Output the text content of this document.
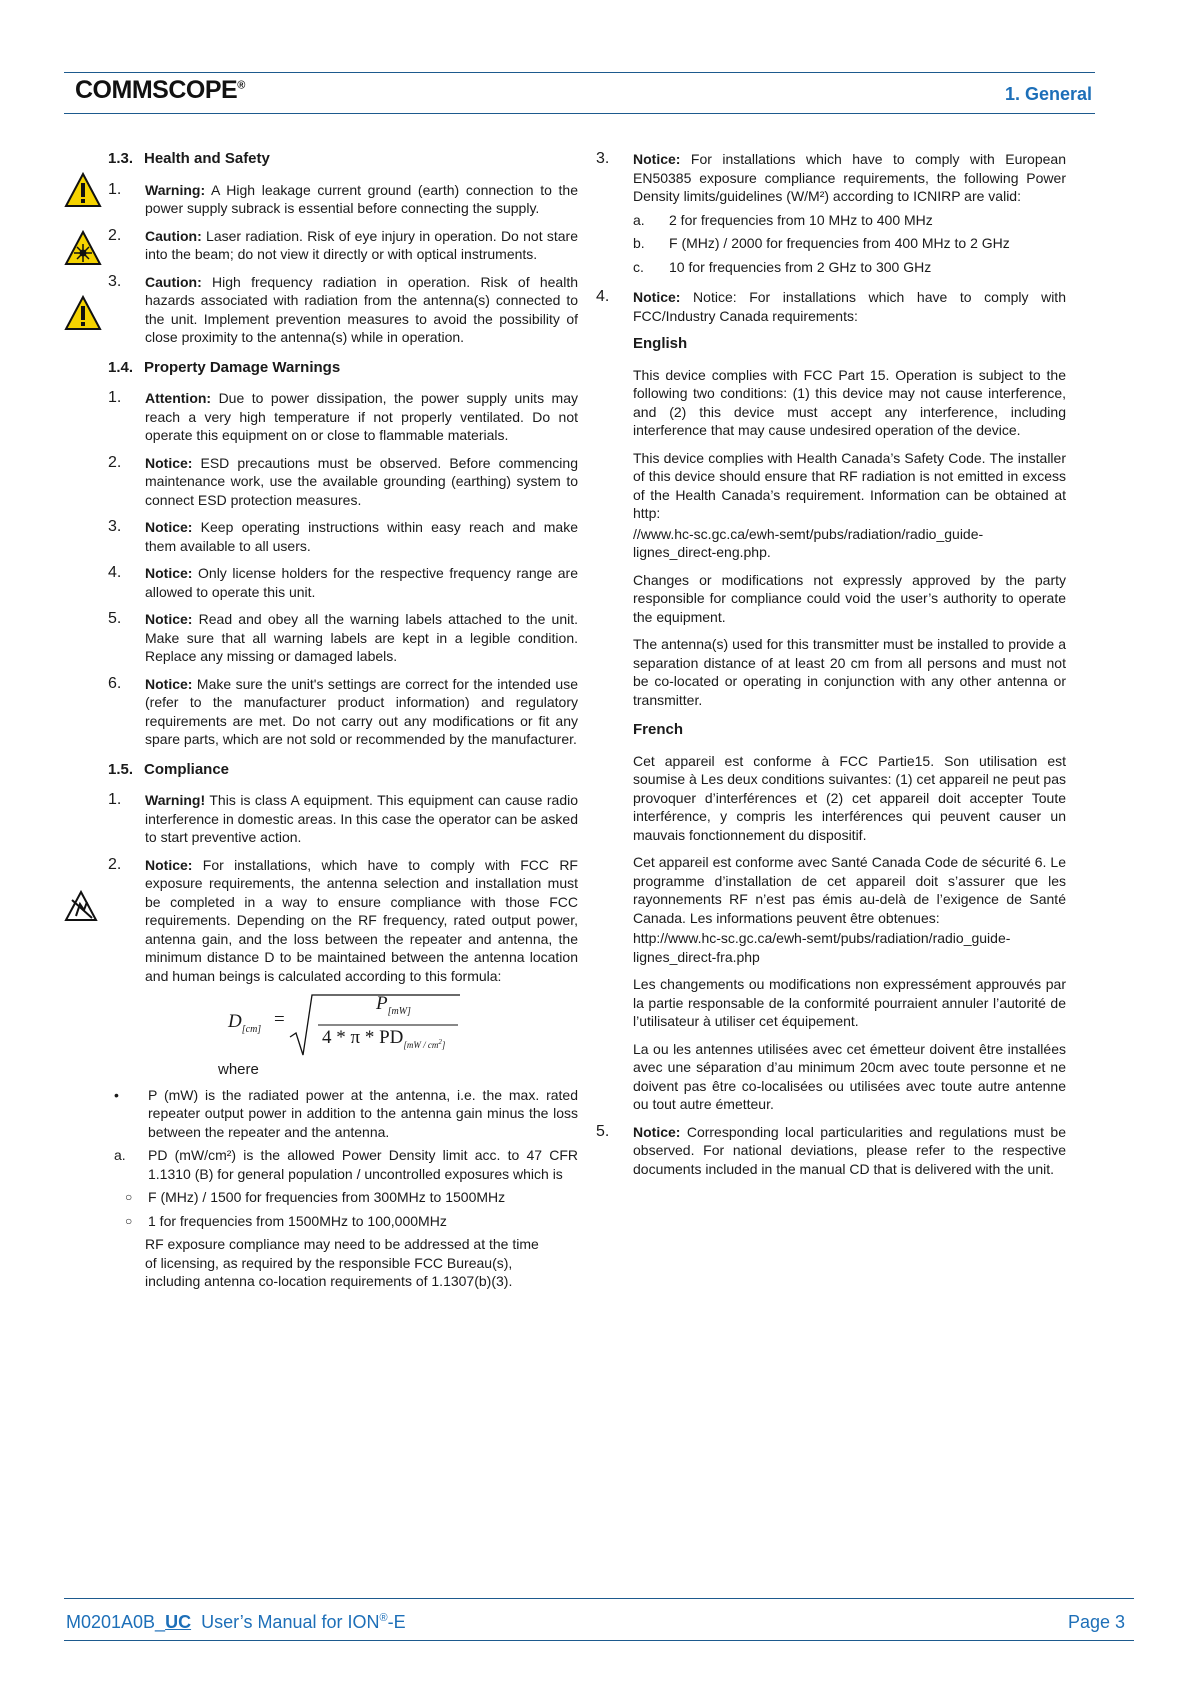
COMMSCOPE®	1. General
1.3. Health and Safety
1. Warning: A High leakage current ground (earth) connection to the power supply subrack is essential before connecting the supply.
2. Caution: Laser radiation. Risk of eye injury in operation. Do not stare into the beam; do not view it directly or with optical instruments.
3. Caution: High frequency radiation in operation. Risk of health hazards associated with radiation from the antenna(s) connected to the unit. Implement prevention measures to avoid the possibility of close proximity to the antenna(s) while in operation.
1.4. Property Damage Warnings
1. Attention: Due to power dissipation, the power supply units may reach a very high temperature if not properly ventilated. Do not operate this equipment on or close to flammable materials.
2. Notice: ESD precautions must be observed. Before commencing maintenance work, use the available grounding (earthing) system to connect ESD protection measures.
3. Notice: Keep operating instructions within easy reach and make them available to all users.
4. Notice: Only license holders for the respective frequency range are allowed to operate this unit.
5. Notice: Read and obey all the warning labels attached to the unit. Make sure that all warning labels are kept in a legible condition. Replace any missing or damaged labels.
6. Notice: Make sure the unit's settings are correct for the intended use (refer to the manufacturer product information) and regulatory requirements are met. Do not carry out any modifications or fit any spare parts, which are not sold or recommended by the manufacturer.
1.5. Compliance
1. Warning! This is class A equipment. This equipment can cause radio interference in domestic areas. In this case the operator can be asked to start preventive action.
2. Notice: For installations, which have to comply with FCC RF exposure requirements, the antenna selection and installation must be completed in a way to ensure compliance with those FCC requirements. Depending on the RF frequency, rated output power, antenna gain, and the loss between the repeater and antenna, the minimum distance D to be maintained between the antenna location and human beings is calculated according to this formula:
$D_{[cm]}$ =
$P_{[mW]}$
4 * π * $PD_{[mW / cm^2]}$
where
• P (mW) is the radiated power at the antenna, i.e. the max. rated repeater output power in addition to the antenna gain minus the loss between the repeater and the antenna.
a. PD (mW/cm²) is the allowed Power Density limit acc. to 47 CFR 1.1310 (B) for general population / uncontrolled exposures which is
○ F (MHz) / 1500 for frequencies from 300MHz to 1500MHz
○ 1 for frequencies from 1500MHz to 100,000MHz
RF exposure compliance may need to be addressed at the time of licensing, as required by the responsible FCC Bureau(s), including antenna co-location requirements of 1.1307(b)(3).
3. Notice: For installations which have to comply with European EN50385 exposure compliance requirements, the following Power Density limits/guidelines (W/M²) according to ICNIRP are valid:
a. 2 for frequencies from 10 MHz to 400 MHz
b. F (MHz) / 2000 for frequencies from 400 MHz to 2 GHz
c. 10 for frequencies from 2 GHz to 300 GHz
4. Notice: Notice: For installations which have to comply with FCC/Industry Canada requirements:
English

This device complies with FCC Part 15. Operation is subject to the following two conditions: (1) this device may not cause interference, and (2) this device must accept any interference, including interference that may cause undesired operation of the device.

This device complies with Health Canada’s Safety Code. The installer of this device should ensure that RF radiation is not emitted in excess of the Health Canada’s requirement. Information can be obtained at http:

//www.hc-sc.gc.ca/ewh-semt/pubs/radiation/radio_guide-lignes_direct-eng.php.

Changes or modifications not expressly approved by the party responsible for compliance could void the user’s authority to operate the equipment.

The antenna(s) used for this transmitter must be installed to provide a separation distance of at least 20 cm from all persons and must not be co-located or operating in conjunction with any other antenna or transmitter.

French

Cet appareil est conforme à FCC Partie15. Son utilisation est soumise à Les deux conditions suivantes: (1) cet appareil ne peut pas provoquer d’interférences et (2) cet appareil doit accepter Toute interférence, y compris les interférences qui peuvent causer un mauvais fonctionnement du dispositif.

Cet appareil est conforme avec Santé Canada Code de sécurité 6. Le programme d’installation de cet appareil doit s’assurer que les rayonnements RF n’est pas émis au-delà de l’exigence de Santé Canada. Les informations peuvent être obtenues:

http://www.hc-sc.gc.ca/ewh-semt/pubs/radiation/radio_guide-lignes_direct-fra.php

Les changements ou modifications non expressément approuvés par la partie responsable de la conformité pourraient annuler l’autorité de l’utilisateur à utiliser cet équipement.

La ou les antennes utilisées avec cet émetteur doivent être installées avec une séparation d’au minimum 20cm avec toute personne et ne doivent pas être co-localisées ou utilisées avec toute autre antenne ou tout autre émetteur.

5. Notice: Corresponding local particularities and regulations must be observed. For national deviations, please refer to the respective documents included in the manual CD that is delivered with the unit.
M0201A0B_UC User’s Manual for ION®-E	Page 3
